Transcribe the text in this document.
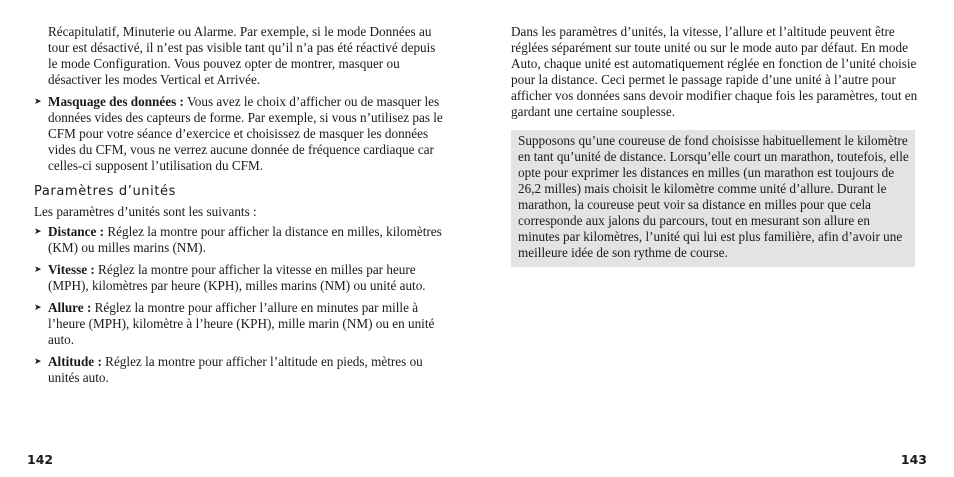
Récapitulatif, Minuterie ou Alarme. Par exemple, si le mode Données au tour est désactivé, il n’est pas visible tant qu’il n’a pas été réactivé depuis le mode Configuration. Vous pouvez opter de montrer, masquer ou désactiver les modes Vertical et Arrivée.

➤ Masquage des données : Vous avez le choix d’afficher ou de masquer les données vides des capteurs de forme. Par exemple, si vous n’utilisez pas le CFM pour votre séance d’exercice et choisissez de masquer les données vides du CFM, vous ne verrez aucune donnée de fréquence cardiaque car celles-ci supposent l’utilisation du CFM.
Paramètres d’unités

Les paramètres d’unités sont les suivants :

➤ Distance : Réglez la montre pour afficher la distance en milles, kilomètres (KM) ou milles marins (NM).
➤ Vitesse : Réglez la montre pour afficher la vitesse en milles par heure (MPH), kilomètres par heure (KPH), milles marins (NM) ou unité auto.
➤ Allure : Réglez la montre pour afficher l’allure en minutes par mille à l’heure (MPH), kilomètre à l’heure (KPH), mille marin (NM) ou en unité auto.
➤ Altitude : Réglez la montre pour afficher l’altitude en pieds, mètres ou unités auto.
142

Dans les paramètres d’unités, la vitesse, l’allure et l’altitude peuvent être réglées séparément sur toute unité ou sur le mode auto par défaut. En mode Auto, chaque unité est automatiquement réglée en fonction de l’unité choisie pour la distance. Ceci permet le passage rapide d’une unité à l’autre pour afficher vos données sans devoir modifier chaque fois les paramètres, tout en gardant une certaine souplesse.

Supposons qu’une coureuse de fond choisisse habituellement le kilomètre en tant qu’unité de distance. Lorsqu’elle court un marathon, toutefois, elle opte pour exprimer les distances en milles (un marathon est toujours de 26,2 milles) mais choisit le kilomètre comme unité d’allure. Durant le marathon, la coureuse peut voir sa distance en milles pour que cela corresponde aux jalons du parcours, tout en mesurant son allure en minutes par kilomètres, l’unité qui lui est plus familière, afin d’avoir une meilleure idée de son rythme de course.

143
